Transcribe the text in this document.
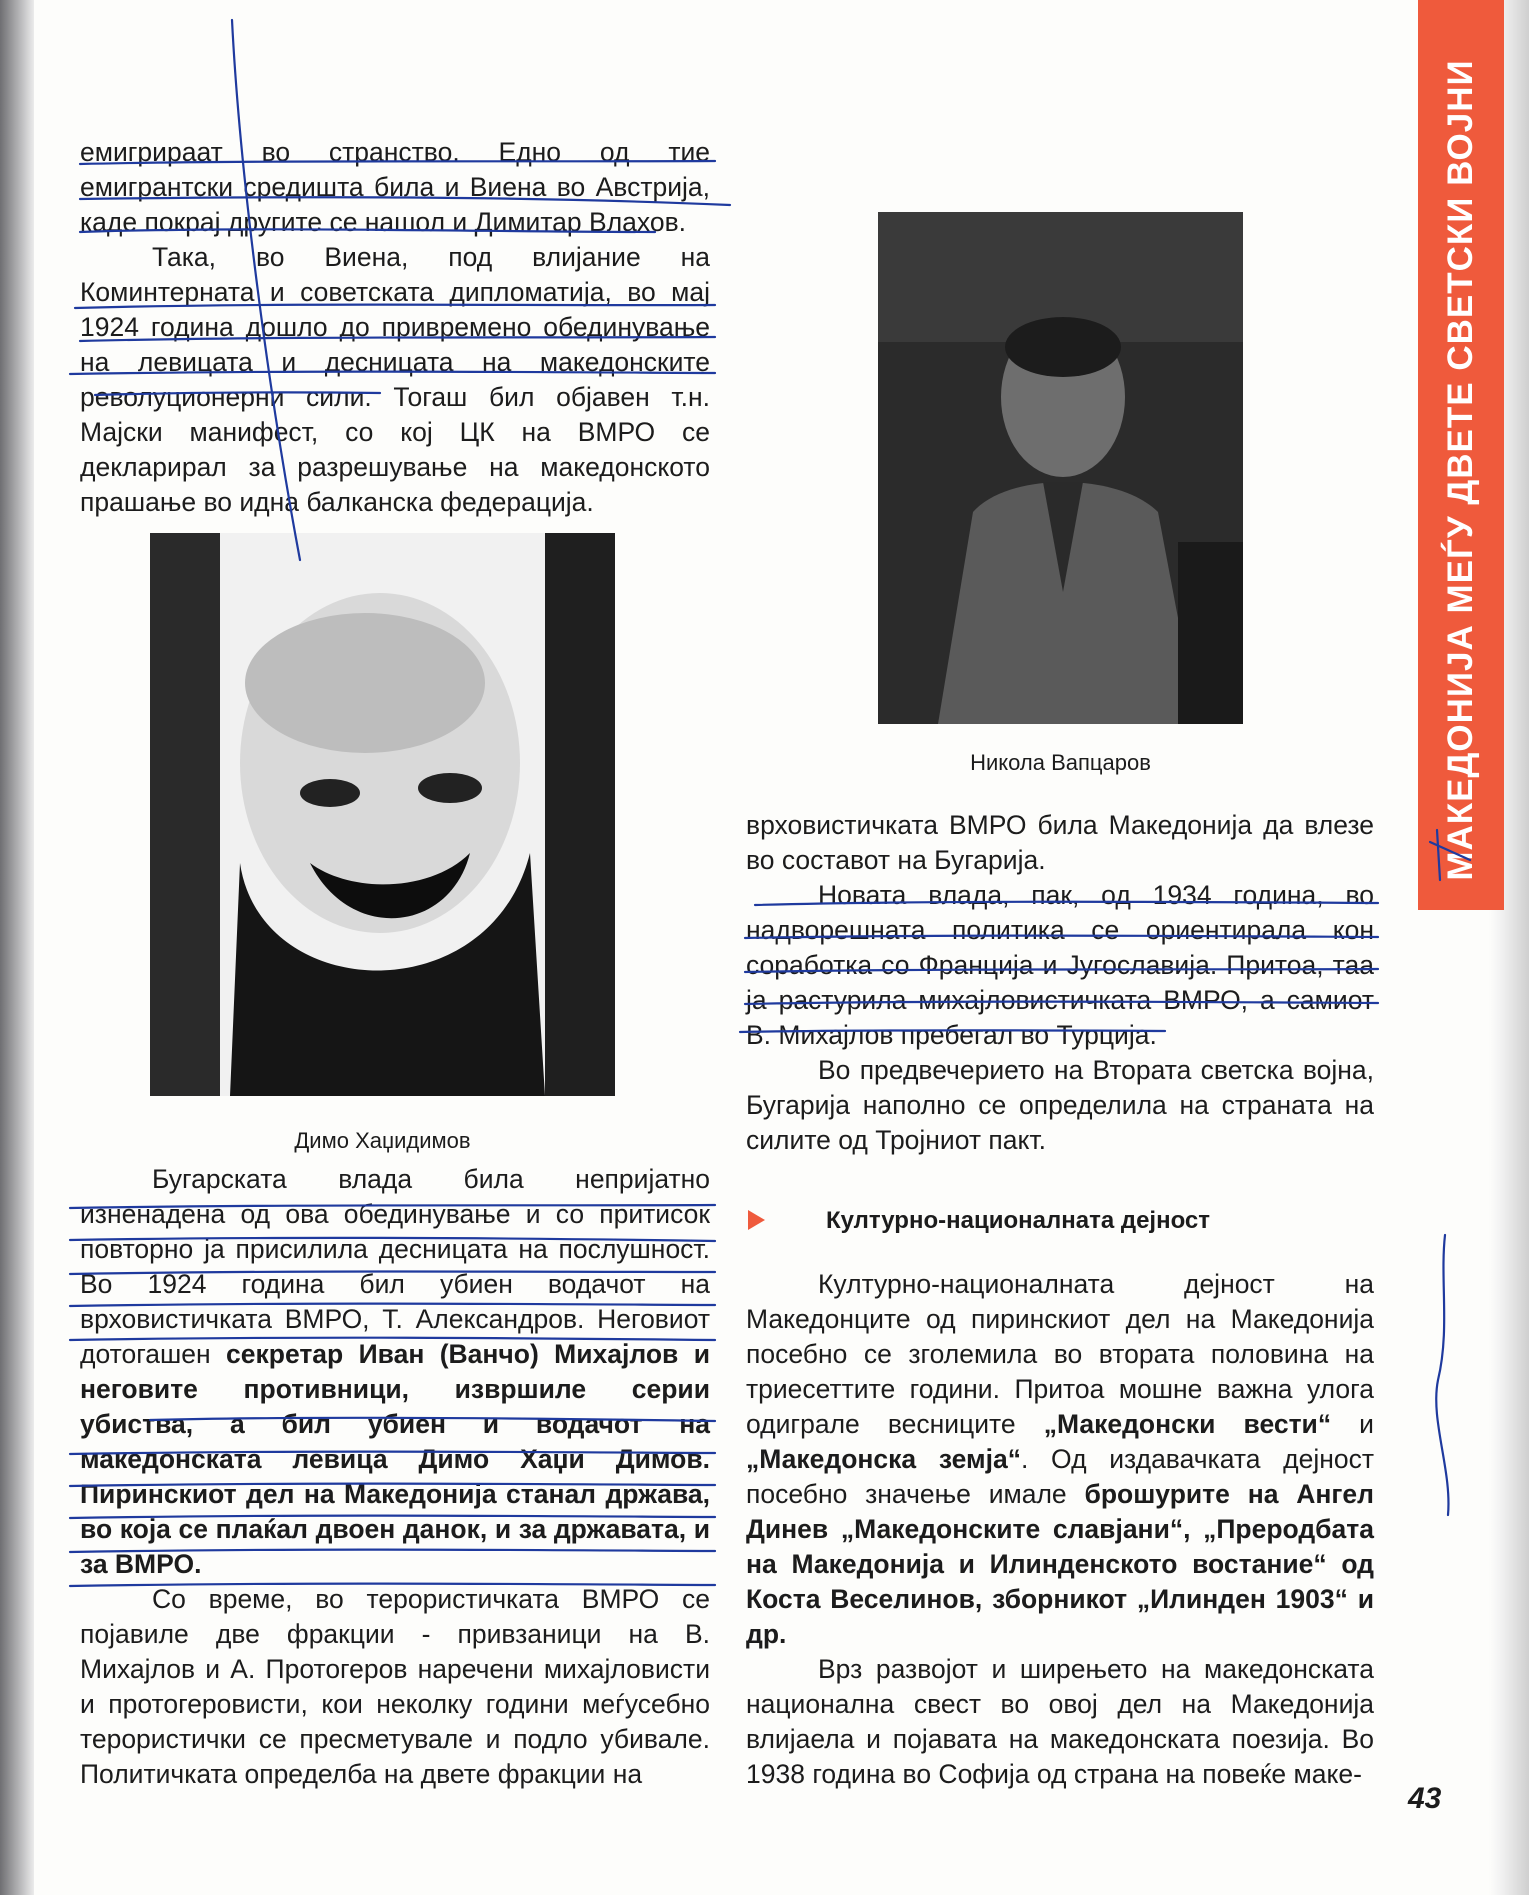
МАКЕДОНИЈА МЕЃУ ДВЕТЕ СВЕТСКИ ВОЈНИ

емигрираат во странство. Едно од тие емигрантски средишта била и Виена во Австрија, каде покрај другите се нашол и Димитар Влахов.

Така, во Виена, под влијание на Коминтерната и советската дипломатија, во мај 1924 година дошло до привремено обединување на левицата и десницата на македонските револуционерни сили. Тогаш бил објавен т.н. Мајски манифест, со кој ЦК на ВМРО се декларирал за разрешување на македонското прашање во идна балканска федерација.

Димо Хаџидимов

Бугарската влада била непријатно изненадена од ова обединување и со притисок повторно ја присилила десницата на послушност. Во 1924 година бил убиен водачот на врховистичката ВМРО, Т. Александров. Неговиот дотогашен секретар Иван (Ванчо) Михајлов и неговите противници, извршиле серии убиства, а бил убиен и водачот на македонската левица Димо Хаџи Димов. Пиринскиот дел на Македонија станал држава, во која се плаќал двоен данок, и за државата, и за ВМРО.

Со време, во терористичката ВМРО се појавиле две фракции - привзаници на В. Михајлов и А. Протогеров наречени михајловисти и протогеровисти, кои неколку години меѓусебно терористички се пресметувале и подло убивале. Политичката определба на двете фракции на

Никола Вапцаров

врховистичката ВМРО била Македонија да влезе во составот на Бугарија.

Новата влада, пак, од 1934 година, во надворешната политика се ориентирала кон соработка со Франција и Југославија. Притоа, таа ја растурила михајловистичката ВМРО, а самиот В. Михајлов пребегал во Турција.

Во предвечерието на Втората светска војна, Бугарија наполно се определила на страната на силите од Тројниот пакт.

Културно-националната дејност

Културно-националната дејност на Македонците од пиринскиот дел на Македонија посебно се зголемила во втората половина на триесеттите години. Притоа мошне важна улога одиграле весниците „Македонски вести“ и „Македонска земја“. Од издавачката дејност посебно значење имале брошурите на Ангел Динев „Македонските славјани“, „Преродбата на Македонија и Илинденското востание“ од Коста Веселинов, зборникот „Илинден 1903“ и др.

Врз развојот и ширењето на македонската национална свест во овој дел на Македонија влијаела и појавата на македонската поезија. Во 1938 година во Софија од страна на повеќе маке-

43
